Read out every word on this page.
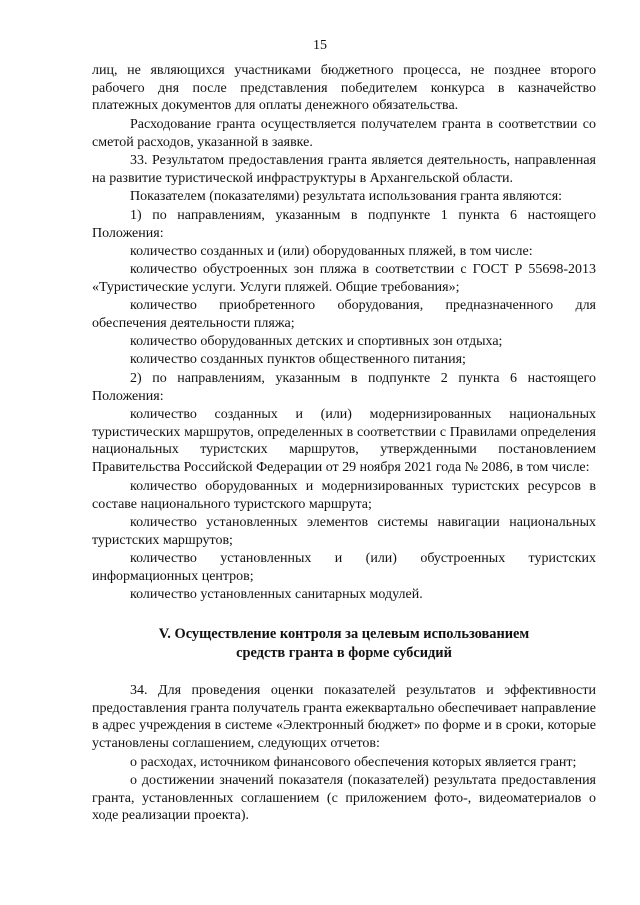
15

лиц, не являющихся участниками бюджетного процесса, не позднее второго рабочего дня после представления победителем конкурса в казначейство платежных документов для оплаты денежного обязательства.

Расходование гранта осуществляется получателем гранта в соответствии со сметой расходов, указанной в заявке.

33. Результатом предоставления гранта является деятельность, направленная на развитие туристической инфраструктуры в Архангельской области.

Показателем (показателями) результата использования гранта являются:

1) по направлениям, указанным в подпункте 1 пункта 6 настоящего Положения:

количество созданных и (или) оборудованных пляжей, в том числе:

количество обустроенных зон пляжа в соответствии с ГОСТ Р 55698-2013 «Туристические услуги. Услуги пляжей. Общие требования»;

количество приобретенного оборудования, предназначенного для обеспечения деятельности пляжа;

количество оборудованных детских и спортивных зон отдыха;

количество созданных пунктов общественного питания;

2) по направлениям, указанным в подпункте 2 пункта 6 настоящего Положения:

количество созданных и (или) модернизированных национальных туристических маршрутов, определенных в соответствии с Правилами определения национальных туристских маршрутов, утвержденными постановлением Правительства Российской Федерации от 29 ноября 2021 года № 2086, в том числе:

количество оборудованных и модернизированных туристских ресурсов в составе национального туристского маршрута;

количество установленных элементов системы навигации национальных туристских маршрутов;

количество установленных и (или) обустроенных туристских информационных центров;

количество установленных санитарных модулей.

V. Осуществление контроля за целевым использованием
средств гранта в форме субсидий

34. Для проведения оценки показателей результатов и эффективности предоставления гранта получатель гранта ежеквартально обеспечивает направление в адрес учреждения в системе «Электронный бюджет» по форме и в сроки, которые установлены соглашением, следующих отчетов:

о расходах, источником финансового обеспечения которых является грант;

о достижении значений показателя (показателей) результата предоставления гранта, установленных соглашением (с приложением фото-, видеоматериалов о ходе реализации проекта).
